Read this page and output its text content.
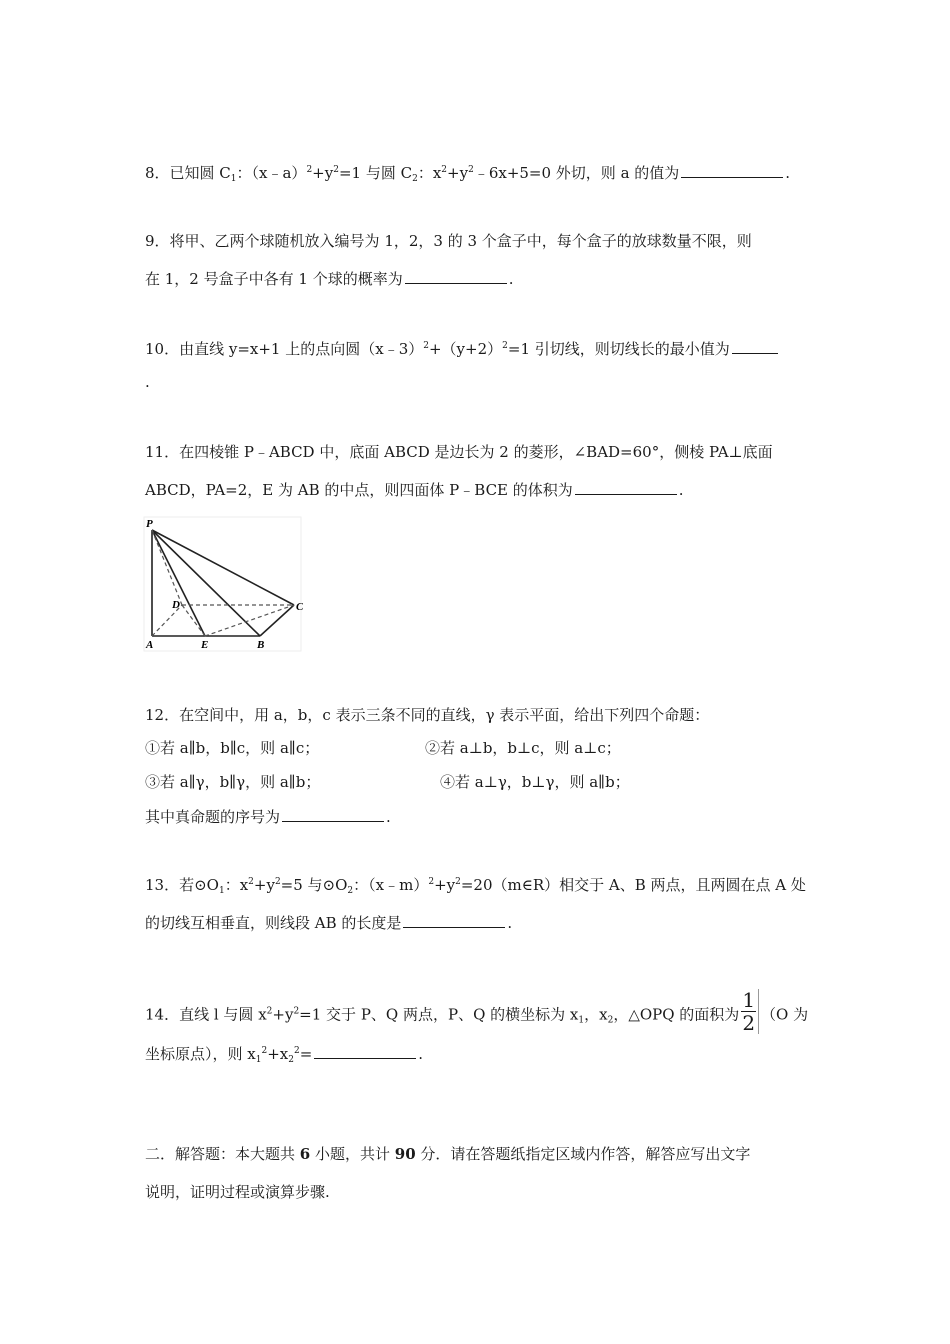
8．已知圆 $C_1$：$(x﹣a)^2+y^2=1$ 与圆 $C_2$：$x^2+y^2﹣6x+5=0$ 外切，则 a 的值为	.
9．将甲、乙两个球随机放入编号为 1，2，3 的 3 个盒子中，每个盒子的放球数量不限，则
在 1，2 号盒子中各有 1 个球的概率为	.
10．由直线 y=x+1 上的点向圆$(x﹣3)^2+(y+2)^2=1$ 引切线，则切线长的最小值为
.
11．在四棱锥 P﹣ABCD 中，底面 ABCD 是边长为 2 的菱形，∠BAD=60°，侧棱 PA⊥底面
ABCD，PA=2，E 为 AB 的中点，则四面体 P﹣BCE 的体积为	.
P
D	C
A	E	B
12．在空间中，用 a，b，c 表示三条不同的直线，γ 表示平面，给出下列四个命题：
①若 a∥b，b∥c，则 a∥c；	②若 a⊥b，b⊥c，则 a⊥c；
③若 a∥γ，b∥γ，则 a∥b；	④若 a⊥γ，b⊥γ，则 a∥b；
其中真命题的序号为	.
13．若$⊙O_1$：$x^2+y^2=5$ 与$⊙O_2$：$(x﹣m)^2+y^2=20(m\in R)$相交于 A、B 两点，且两圆在点 A 处
的切线互相垂直，则线段 AB 的长度是	.
14．直线 l 与圆 $x^2+y^2=1$ 交于 P、Q 两点，P、Q 的横坐标为 $x_1$，$x_2$，△OPQ 的面积为 $\frac{1}{2} (O$ 为
坐标原点），则 $x_1^2+x_2^2=$	.
二．解答题：本大题共 6 小题，共计 90 分．请在答题纸指定区域内作答，解答应写出文字
说明，证明过程或演算步骤.
